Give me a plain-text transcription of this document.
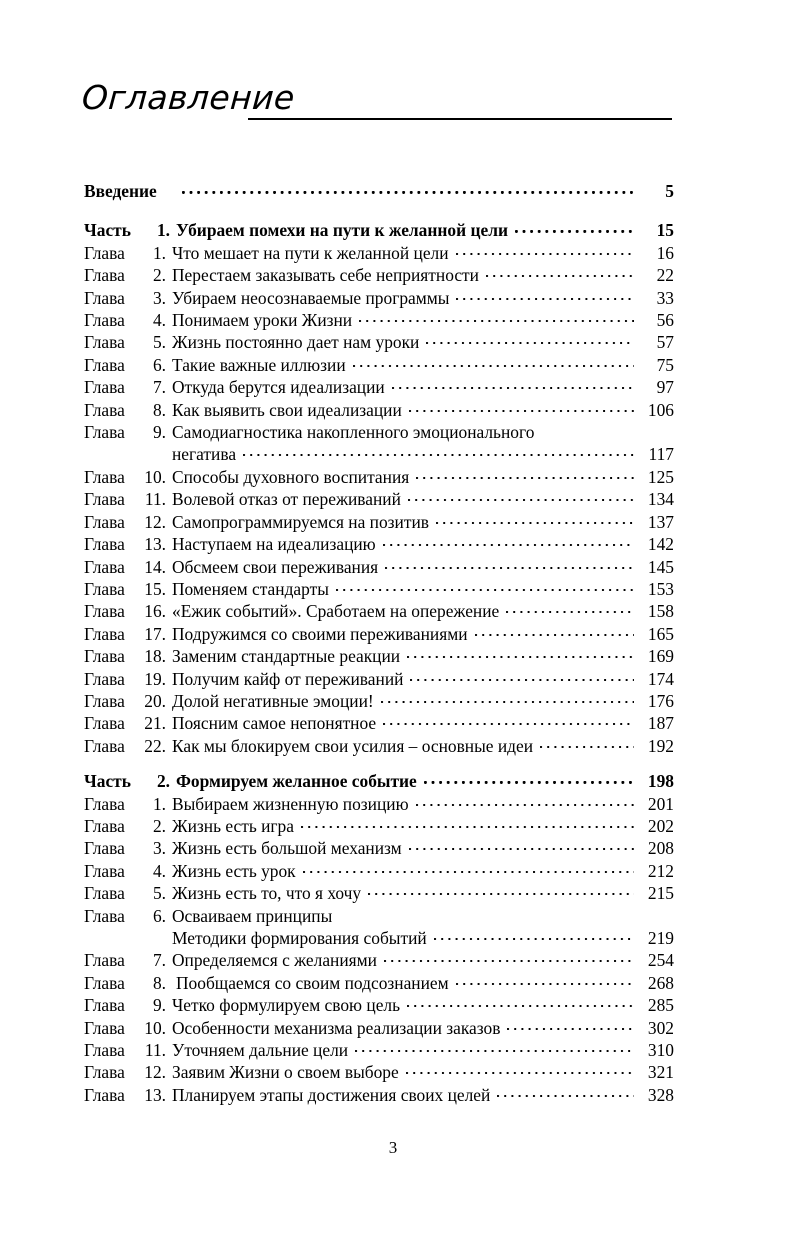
Оглавление
Введение	5
Часть	1. Убираем помехи на пути к желанной цели	15
Глава	1. Что мешает на пути к желанной цели	16
Глава	2. Перестаем заказывать себе неприятности	22
Глава	3. Убираем неосознаваемые программы	33
Глава	4. Понимаем уроки Жизни	56
Глава	5. Жизнь постоянно дает нам уроки	57
Глава	6. Такие важные иллюзии	75
Глава	7. Откуда берутся идеализации	97
Глава	8. Как выявить свои идеализации	106
Глава	9. Самодиагностика накопленного эмоционального
негатива	117
Глава	10. Способы духовного воспитания	125
Глава	11. Волевой отказ от переживаний	134
Глава	12. Самопрограммируемся на позитив	137
Глава	13. Наступаем на идеализацию	142
Глава	14. Обсмеем свои переживания	145
Глава	15. Поменяем стандарты	153
Глава	16. «Ежик событий». Сработаем на опережение	158
Глава	17. Подружимся со своими переживаниями	165
Глава	18. Заменим стандартные реакции	169
Глава	19. Получим кайф от переживаний	174
Глава	20. Долой негативные эмоции!	176
Глава	21. Поясним самое непонятное	187
Глава	22. Как мы блокируем свои усилия – основные идеи	192
Часть	2. Формируем желанное событие	198
Глава	1. Выбираем жизненную позицию	201
Глава	2. Жизнь есть игра	202
Глава	3. Жизнь есть большой механизм	208
Глава	4. Жизнь есть урок	212
Глава	5. Жизнь есть то, что я хочу	215
Глава	6. Осваиваем принципы
Методики формирования событий	219
Глава	7. Определяемся с желаниями	254
Глава	8. Пообщаемся со своим подсознанием	268
Глава	9. Четко формулируем свою цель	285
Глава	10. Особенности механизма реализации заказов	302
Глава	11. Уточняем дальние цели	310
Глава	12. Заявим Жизни о своем выборе	321
Глава	13. Планируем этапы достижения своих целей	328
3
